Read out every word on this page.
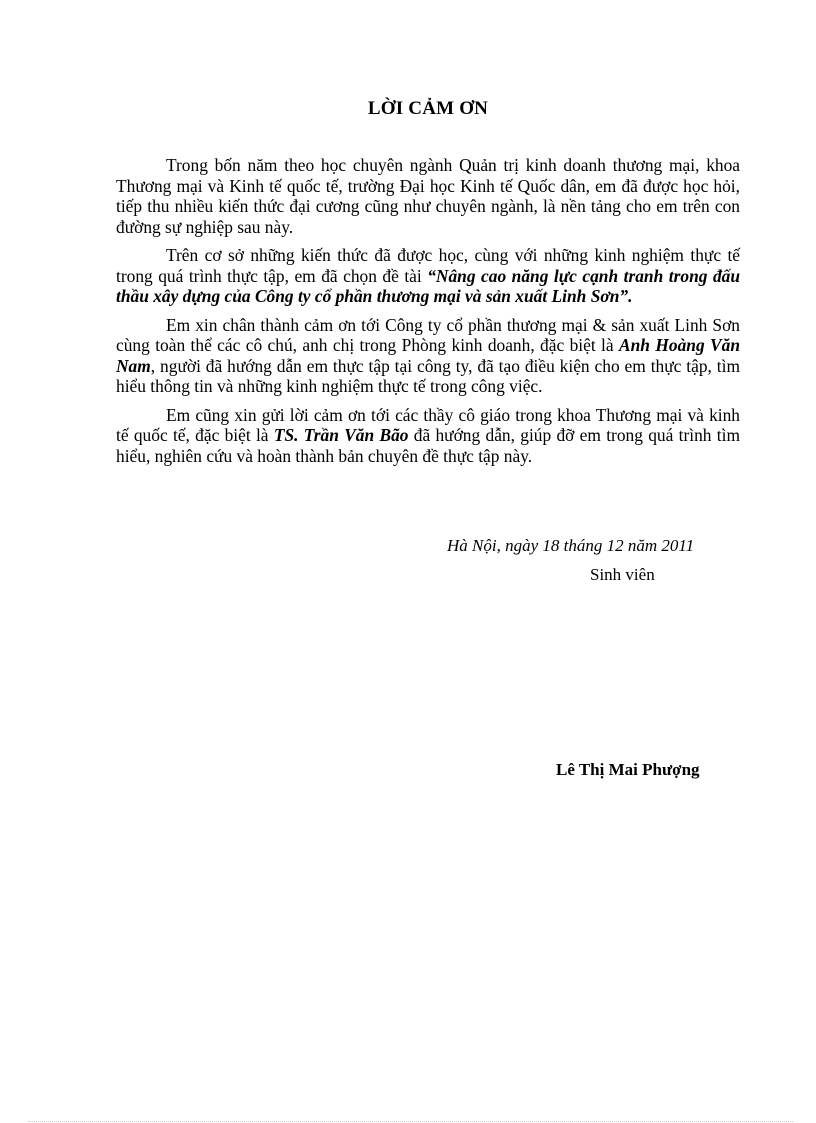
LỜI CẢM ƠN

Trong bốn năm theo học chuyên ngành Quản trị kinh doanh thương mại, khoa Thương mại và Kinh tế quốc tế, trường Đại học Kinh tế Quốc dân, em đã được học hỏi, tiếp thu nhiều kiến thức đại cương cũng như chuyên ngành, là nền tảng cho em trên con đường sự nghiệp sau này.

Trên cơ sở những kiến thức đã được học, cùng với những kinh nghiệm thực tế trong quá trình thực tập, em đã chọn đề tài “Nâng cao năng lực cạnh tranh trong đấu thầu xây dựng của Công ty cổ phần thương mại và sản xuất Linh Sơn”.

Em xin chân thành cảm ơn tới Công ty cổ phần thương mại & sản xuất Linh Sơn cùng toàn thể các cô chú, anh chị trong Phòng kinh doanh, đặc biệt là Anh Hoàng Văn Nam, người đã hướng dẫn em thực tập tại công ty, đã tạo điều kiện cho em thực tập, tìm hiểu thông tin và những kinh nghiệm thực tế trong công việc.

Em cũng xin gửi lời cảm ơn tới các thầy cô giáo trong khoa Thương mại và kinh tế quốc tế, đặc biệt là TS. Trần Văn Bão đã hướng dẫn, giúp đỡ em trong quá trình tìm hiểu, nghiên cứu và hoàn thành bản chuyên đề thực tập này.

Hà Nội, ngày 18 tháng 12 năm 2011
Sinh viên
Lê Thị Mai Phượng
